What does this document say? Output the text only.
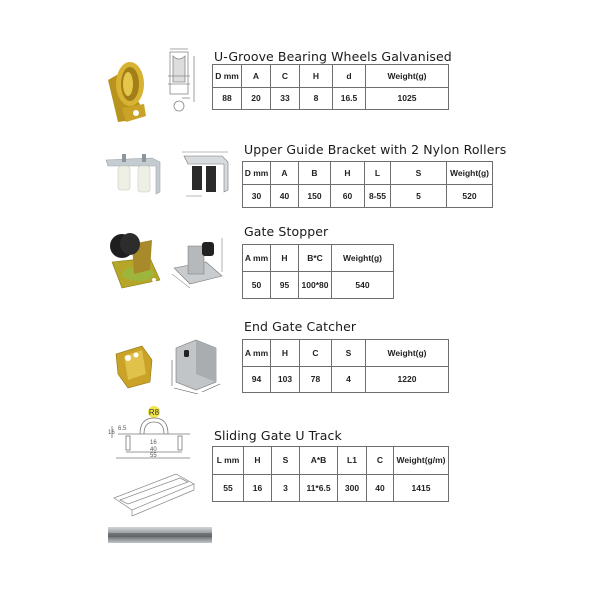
U-Groove Bearing Wheels Galvanised
D mm	A	C	H	d	Weight(g)
88	20	33	8	16.5	1025
Upper Guide Bracket with 2 Nylon Rollers
D mm	A	B	H	L	S	Weight(g)
30	40	150	60	8-55	5	520
Gate Stopper
A mm	H	B*C	Weight(g)
50	95	100*80	540
End Gate Catcher
A mm	H	C	S	Weight(g)
94	103	78	4	1220
R8
6.5
16
16
40
55
Sliding Gate U Track
L mm	H	S	A*B	L1	C	Weight(g/m)
55	16	3	11*6.5	300	40	1415
